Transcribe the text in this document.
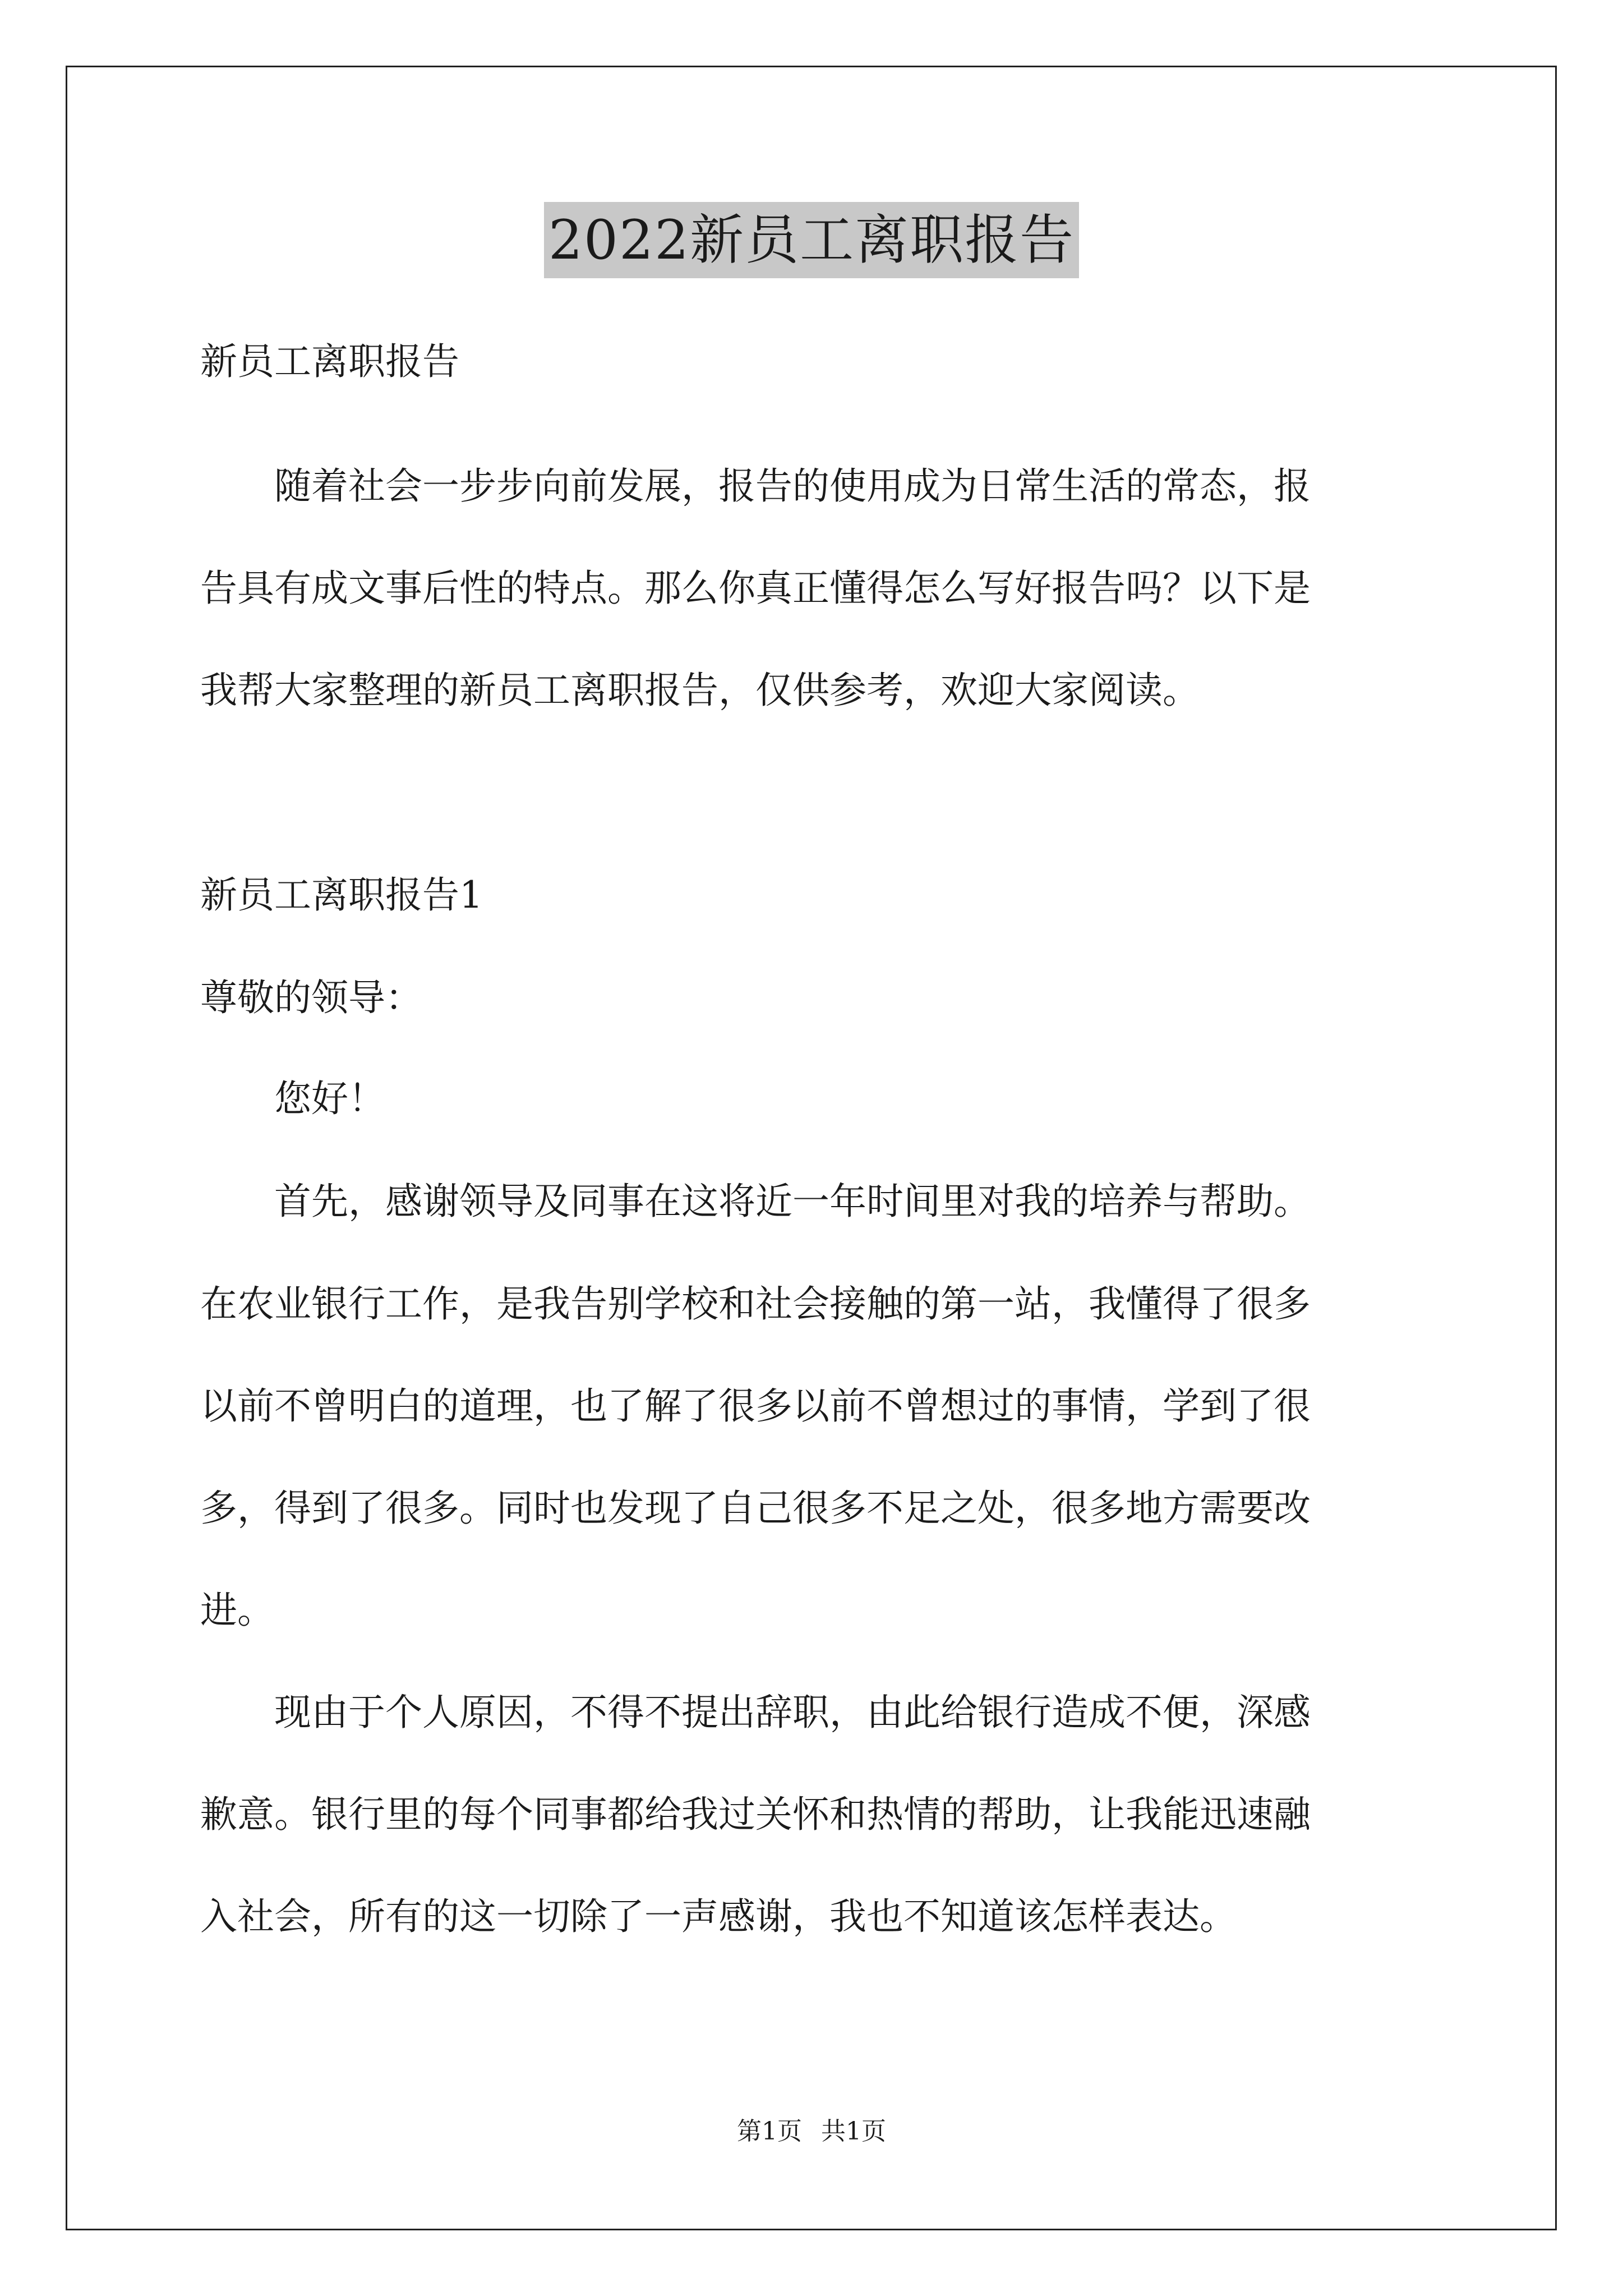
2022新员工离职报告
新员工离职报告
　　随着社会一步步向前发展，报告的使用成为日常生活的常态，报
告具有成文事后性的特点。那么你真正懂得怎么写好报告吗？以下是
我帮大家整理的新员工离职报告，仅供参考，欢迎大家阅读。
新员工离职报告1
尊敬的领导：
　　您好！
　　首先，感谢领导及同事在这将近一年时间里对我的培养与帮助。
在农业银行工作，是我告别学校和社会接触的第一站，我懂得了很多
以前不曾明白的道理，也了解了很多以前不曾想过的事情，学到了很
多，得到了很多。同时也发现了自己很多不足之处，很多地方需要改
进。
　　现由于个人原因，不得不提出辞职，由此给银行造成不便，深感
歉意。银行里的每个同事都给我过关怀和热情的帮助，让我能迅速融
入社会，所有的这一切除了一声感谢，我也不知道该怎样表达。
第1页 共1页
